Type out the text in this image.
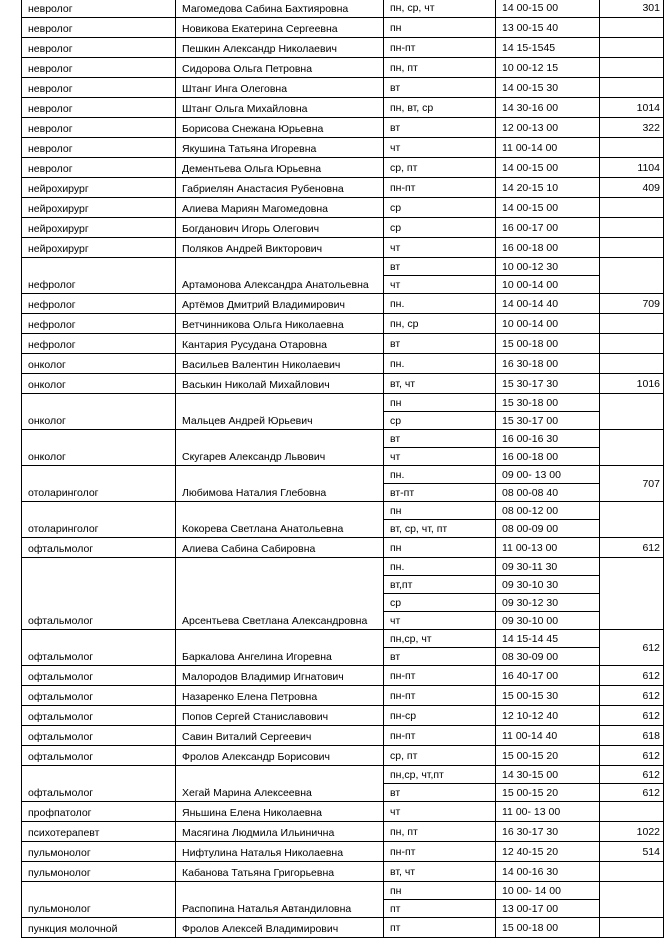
невролог	Магомедова Сабина Бахтияровна	пн, ср, чт	14 00-15 00	301
невролог	Новикова Екатерина Сергеевна	пн	13 00-15 40	
невролог	Пешкин Александр Николаевич	пн-пт	14 15-1545	
невролог	Сидорова Ольга Петровна	пн, пт	10 00-12 15	
невролог	Штанг Инга Олеговна	вт	14 00-15 30	
невролог	Штанг Ольга Михайловна	пн, вт, ср	14 30-16 00	1014
невролог	Борисова Снежана Юрьевна	вт	12 00-13 00	322
невролог	Якушина Татьяна Игоревна	чт	11 00-14 00	
невролог	Дементьева Ольга Юрьевна	ср, пт	14 00-15 00	1104
нейрохирург	Габриелян Анастасия Рубеновна	пн-пт	14 20-15 10	409
нейрохирург	Алиева Мариян Магомедовна	ср	14 00-15 00	
нейрохирург	Богданович Игорь Олегович	ср	16 00-17 00	
нейрохирург	Поляков Андрей Викторович	чт	16 00-18 00	
нефролог	Артамонова Александра Анатольевна	вт	10 00-12 30	
		чт	10 00-14 00	
нефролог	Артёмов Дмитрий Владимирович	пн.	14 00-14 40	709
нефролог	Ветчинникова Ольга Николаевна	пн, ср	10 00-14 00	
нефролог	Кантария Русудана Отаровна	вт	15 00-18 00	
онколог	Васильев Валентин Николаевич	пн.	16 30-18 00	
онколог	Васькин Николай Михайлович	вт, чт	15 30-17 30	1016
онколог	Мальцев Андрей Юрьевич	пн	15 30-18 00	
		ср	15 30-17 00	
онколог	Скугарев Александр Львович	вт	16 00-16 30	
		чт	16 00-18 00	
отоларинголог	Любимова Наталия Глебовна	пн.	09 00- 13 00	707
		вт-пт	08 00-08 40	
отоларинголог	Кокорева Светлана Анатольевна	пн	08 00-12 00	
		вт, ср, чт, пт	08 00-09 00	
офтальмолог	Алиева Сабина Сабировна	пн	11 00-13 00	612
офтальмолог	Арсентьева Светлана Александровна	пн.	09 30-11 30	
		вт,пт	09 30-10 30	
		ср	09 30-12 30	
		чт	09 30-10 00	
офтальмолог	Баркалова Ангелина Игоревна	пн,ср, чт	14 15-14 45	612
		вт	08 30-09 00	
офтальмолог	Малородов Владимир Игнатович	пн-пт	16 40-17 00	612
офтальмолог	Назаренко Елена Петровна	пн-пт	15 00-15 30	612
офтальмолог	Попов Сергей Станиславович	пн-ср	12 10-12 40	612
офтальмолог	Савин Виталий Сергеевич	пн-пт	11 00-14 40	618
офтальмолог	Фролов Александр Борисович	ср, пт	15 00-15 20	612
офтальмолог	Хегай Марина Алексеевна	пн,ср, чт,пт	14 30-15 00	612
		вт	15 00-15 20	612
профпатолог	Яньшина Елена Николаевна	чт	11 00- 13 00	
психотерапевт	Масягина Людмила Ильинична	пн, пт	16 30-17 30	1022
пульмонолог	Нифтулина Наталья Николаевна	пн-пт	12 40-15 20	514
пульмонолог	Кабанова Татьяна Григорьевна	вт, чт	14 00-16 30	
пульмонолог	Распопина Наталья Автандиловна	пн	10 00- 14 00	
		пт	13 00-17 00	
пункция молочной	Фролов Алексей Владимирович	пт	15 00-18 00	
